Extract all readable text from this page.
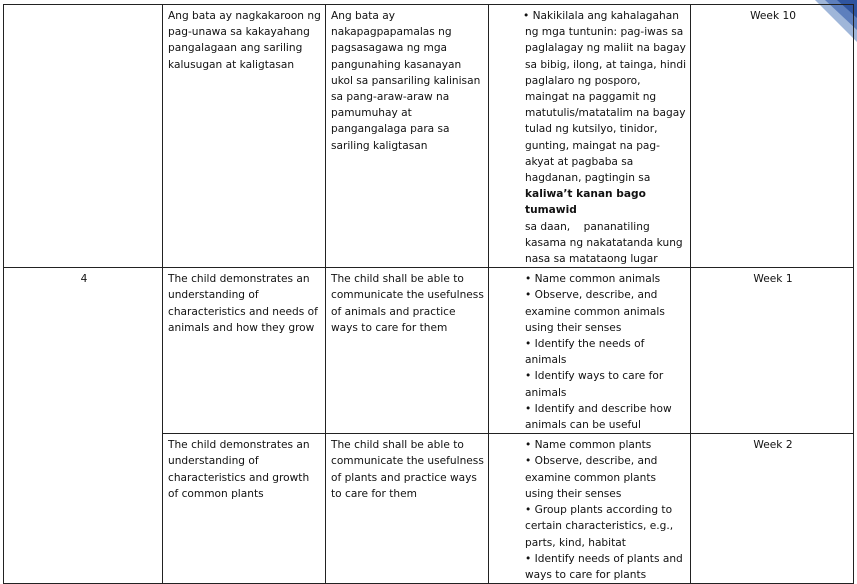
	Ang bata ay nagkakaroon ng pag-unawa sa kakayahang pangalagaan ang sariling kalusugan at kaligtasan	Ang bata ay nakapagpapamalas ng pagsasagawa ng mga pangunahing kasanayan ukol sa pansariling kalinisan sa pang-araw-araw na pamumuhay at pangangalaga para sa sariling kaligtasan	• Nakikilala ang kahalagahan ng mga tuntunin: pag-iwas sa paglalagay ng maliit na bagay sa bibig, ilong, at tainga, hindi paglalaro ng posporo, maingat na paggamit ng matutulis/matatalim na bagay tulad ng kutsilyo, tinidor, gunting, maingat na pag-akyat at pagbaba sa hagdanan, pagtingin sa
kaliwa’t kanan bago tumawid
sa daan,    pananatiling kasama ng nakatatanda kung nasa sa matataong lugar	Week 10
4	The child demonstrates an understanding of characteristics and needs of animals and how they grow	The child shall be able to communicate the usefulness of animals and practice ways to care for them	• Name common animals
• Observe, describe, and examine common animals using their senses
• Identify the needs of animals
• Identify ways to care for animals
• Identify and describe how animals can be useful	Week 1
	The child demonstrates an understanding of characteristics and growth of common plants	The child shall be able to communicate the usefulness of plants and practice ways to care for them	• Name common plants
• Observe, describe, and examine common plants using their senses
• Group plants according to certain characteristics, e.g., parts, kind, habitat
• Identify needs of plants and ways to care for plants	Week 2
